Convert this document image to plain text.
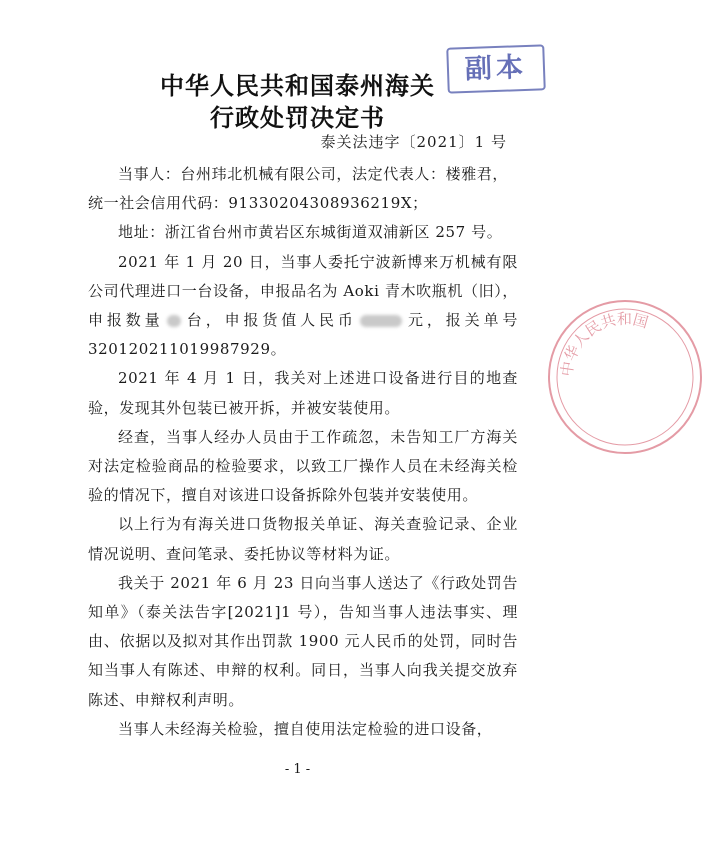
中华人民共和国泰州海关
行政处罚决定书
泰关法违字〔2021〕1 号
副本
中华人民共和国

当事人：台州玮北机械有限公司，法定代表人：楼雅君，

统一社会信用代码：91330204308936219X；

地址：浙江省台州市黄岩区东城街道双浦新区 257 号。

2021 年 1 月 20 日，当事人委托宁波新博来万机械有限公司代理进口一台设备，申报品名为 Aoki 青木吹瓶机（旧），申报数量 台，申报货值人民币	元，报关单号 320120211019987929。

2021 年 4 月 1 日，我关对上述进口设备进行目的地查验，发现其外包装已被开拆，并被安装使用。

经查，当事人经办人员由于工作疏忽，未告知工厂方海关对法定检验商品的检验要求，以致工厂操作人员在未经海关检验的情况下，擅自对该进口设备拆除外包装并安装使用。

以上行为有海关进口货物报关单证、海关查验记录、企业情况说明、查问笔录、委托协议等材料为证。

我关于 2021 年 6 月 23 日向当事人送达了《行政处罚告知单》（泰关法告字[2021]1 号），告知当事人违法事实、理由、依据以及拟对其作出罚款 1900 元人民币的处罚，同时告知当事人有陈述、申辩的权利。同日，当事人向我关提交放弃陈述、申辩权利声明。

当事人未经海关检验，擅自使用法定检验的进口设备，

- 1 -
